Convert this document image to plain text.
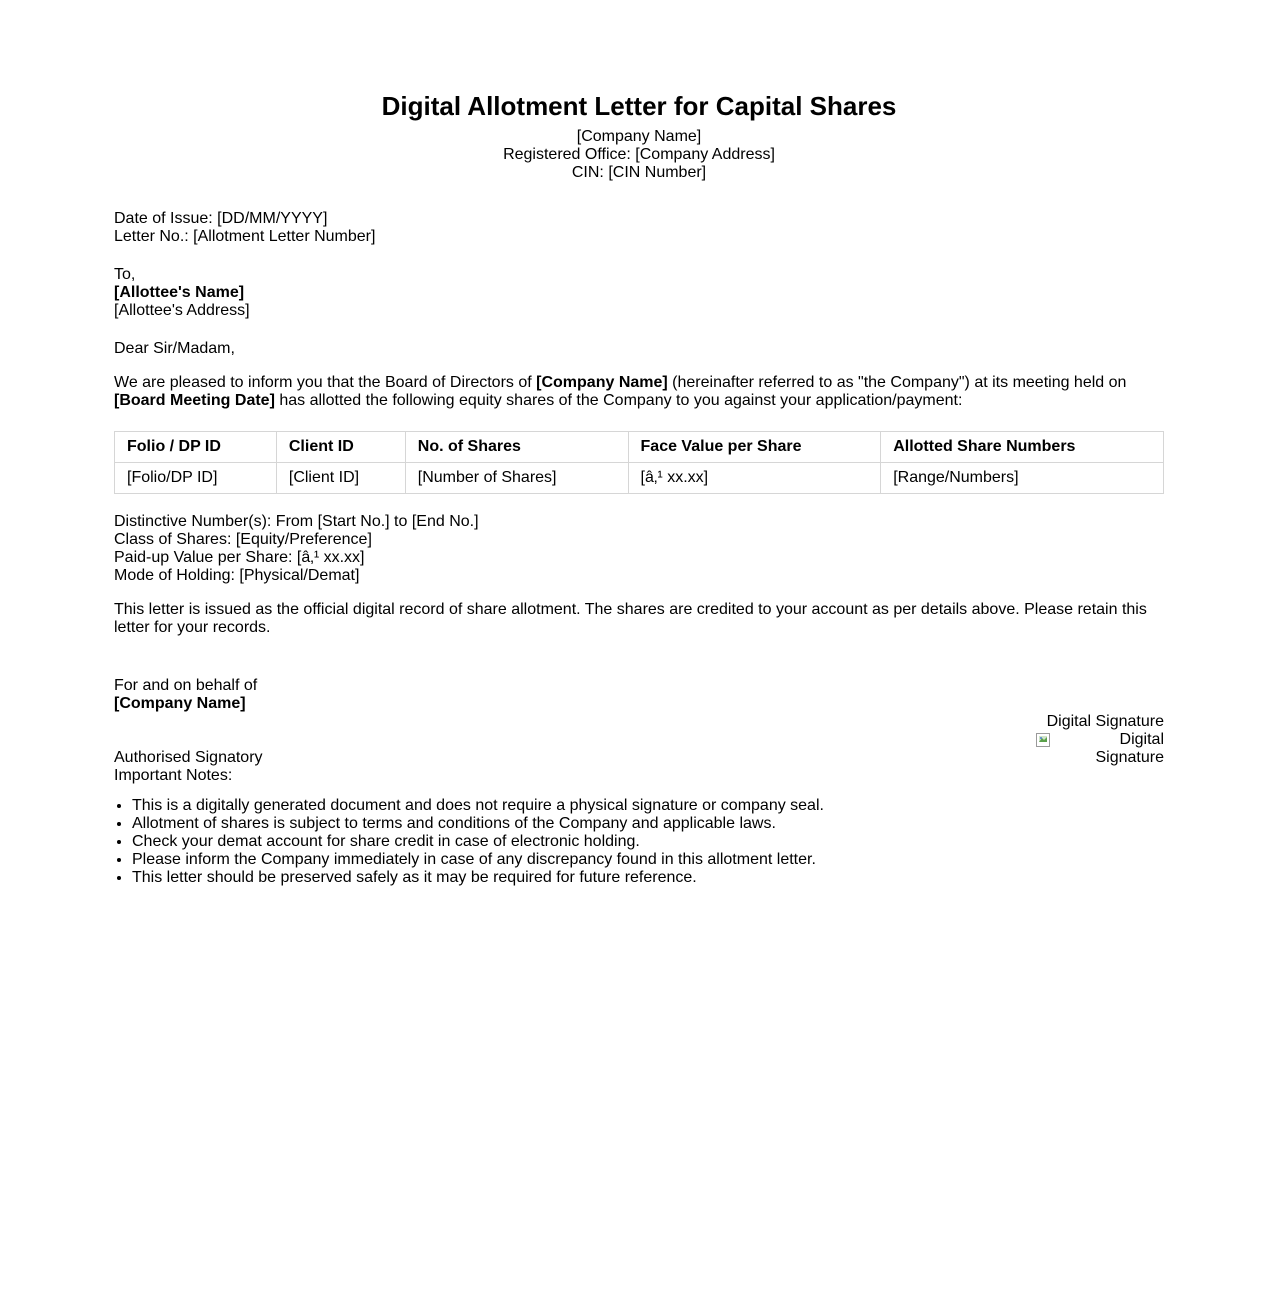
Digital Allotment Letter for Capital Shares
[Company Name]
Registered Office: [Company Address]
CIN: [CIN Number]
Date of Issue: [DD/MM/YYYY]
Letter No.: [Allotment Letter Number]
To,
[Allottee's Name]
[Allottee's Address]
Dear Sir/Madam,
We are pleased to inform you that the Board of Directors of [Company Name] (hereinafter referred to as "the Company") at its meeting held on [Board Meeting Date] has allotted the following equity shares of the Company to you against your application/payment:
Folio / DP ID	Client ID	No. of Shares	Face Value per Share	Allotted Share Numbers
[Folio/DP ID]	[Client ID]	[Number of Shares]	[â‚¹ xx.xx]	[Range/Numbers]
Distinctive Number(s): From [Start No.] to [End No.]
Class of Shares: [Equity/Preference]
Paid-up Value per Share: [â‚¹ xx.xx]
Mode of Holding: [Physical/Demat]
This letter is issued as the official digital record of share allotment. The shares are credited to your account as per details above. Please retain this letter for your records.
For and on behalf of
[Company Name]
Digital Signature
Digital
Signature
Authorised Signatory
Important Notes:
• This is a digitally generated document and does not require a physical signature or company seal.
• Allotment of shares is subject to terms and conditions of the Company and applicable laws.
• Check your demat account for share credit in case of electronic holding.
• Please inform the Company immediately in case of any discrepancy found in this allotment letter.
• This letter should be preserved safely as it may be required for future reference.
